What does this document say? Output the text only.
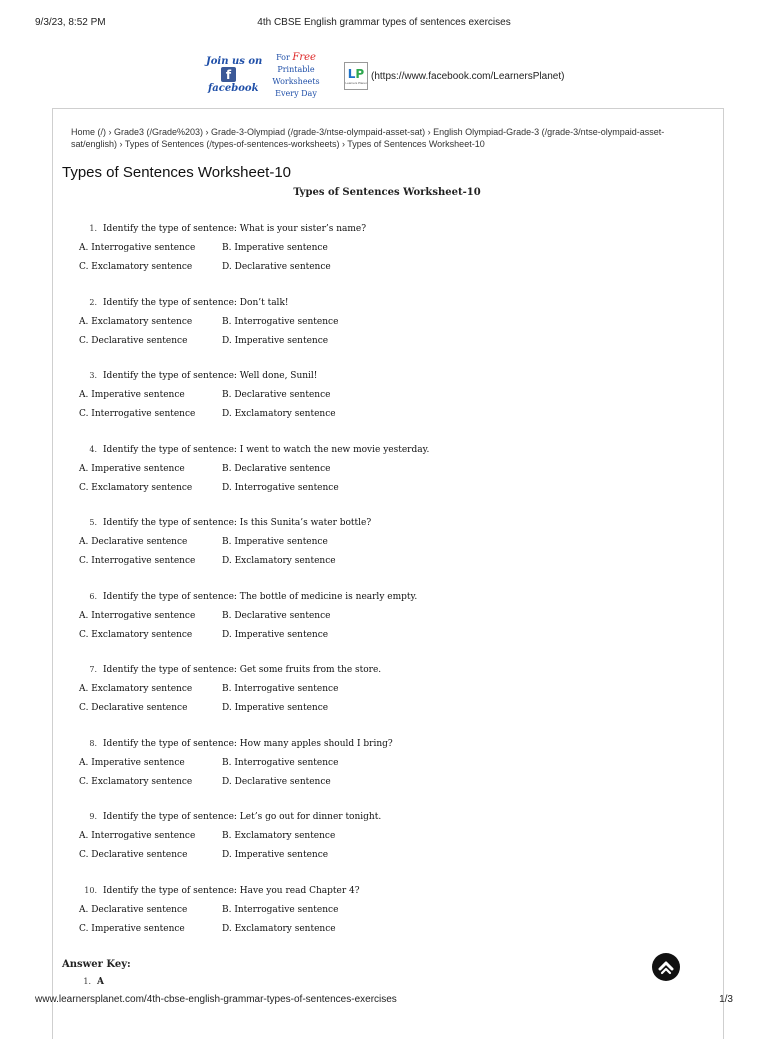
9/3/23, 8:52 PM	4th CBSE English grammar types of sentences exercises
Join us on
f
facebook
For Free
Printable Worksheets
Every Day
LP
Learners Planet
(https://www.facebook.com/LearnersPlanet)
Home (/) › Grade3 (/Grade%203) › Grade-3-Olympiad (/grade-3/ntse-olympaid-asset-sat) › English Olympiad-Grade-3 (/grade-3/ntse-olympaid-asset-sat/english) › Types of Sentences (/types-of-sentences-worksheets) › Types of Sentences Worksheet-10
Types of Sentences Worksheet-10
Types of Sentences Worksheet-10
1. Identify the type of sentence: What is your sister’s name?
A. Interrogative sentence	B. Imperative sentence
C. Exclamatory sentence	D. Declarative sentence
2. Identify the type of sentence: Don’t talk!
A. Exclamatory sentence	B. Interrogative sentence
C. Declarative sentence	D. Imperative sentence
3. Identify the type of sentence: Well done, Sunil!
A. Imperative sentence	B. Declarative sentence
C. Interrogative sentence	D. Exclamatory sentence
4. Identify the type of sentence: I went to watch the new movie yesterday.
A. Imperative sentence	B. Declarative sentence
C. Exclamatory sentence	D. Interrogative sentence
5. Identify the type of sentence: Is this Sunita’s water bottle?
A. Declarative sentence	B. Imperative sentence
C. Interrogative sentence	D. Exclamatory sentence
6. Identify the type of sentence: The bottle of medicine is nearly empty.
A. Interrogative sentence	B. Declarative sentence
C. Exclamatory sentence	D. Imperative sentence
7. Identify the type of sentence: Get some fruits from the store.
A. Exclamatory sentence	B. Interrogative sentence
C. Declarative sentence	D. Imperative sentence
8. Identify the type of sentence: How many apples should I bring?
A. Imperative sentence	B. Interrogative sentence
C. Exclamatory sentence	D. Declarative sentence
9. Identify the type of sentence: Let’s go out for dinner tonight.
A. Interrogative sentence	B. Exclamatory sentence
C. Declarative sentence	D. Imperative sentence
10. Identify the type of sentence: Have you read Chapter 4?
A. Declarative sentence	B. Interrogative sentence
C. Imperative sentence	D. Exclamatory sentence
Answer Key:
1. A
www.learnersplanet.com/4th-cbse-english-grammar-types-of-sentences-exercises	1/3
